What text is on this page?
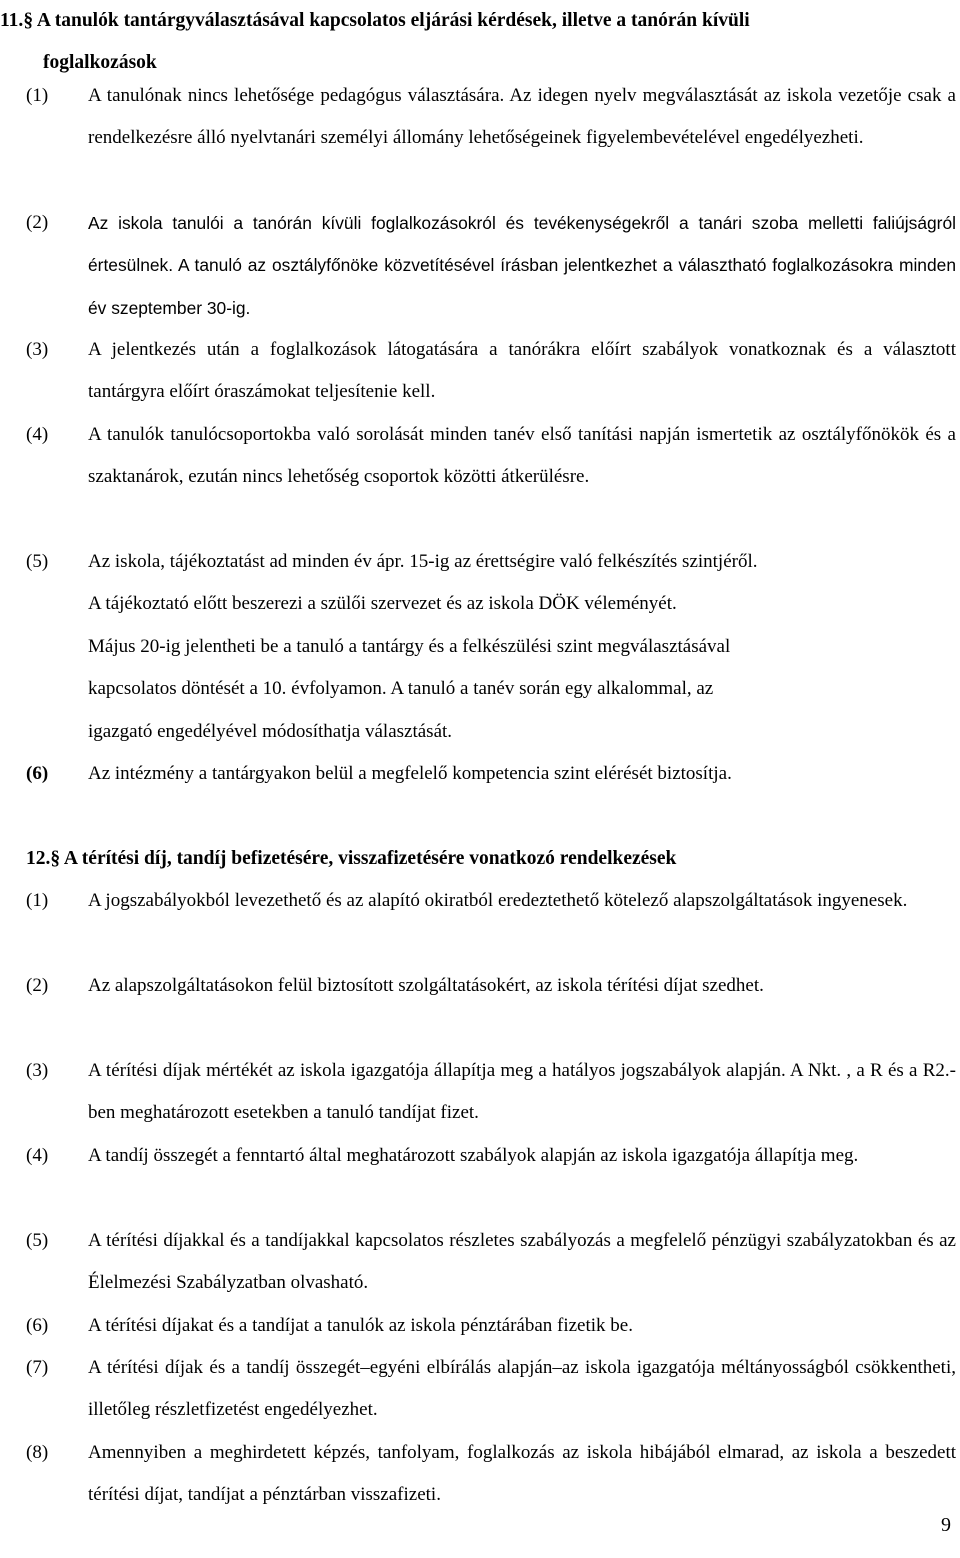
11.§ A tanulók tantárgyválasztásával kapcsolatos eljárási kérdések, illetve a tanórán kívüli
foglalkozások
(1) A tanulónak nincs lehetősége pedagógus választására. Az idegen nyelv megválasztását az iskola vezetője csak a rendelkezésre álló nyelvtanári személyi állomány lehetőségeinek figyelembevételével engedélyezheti.
(2) Az iskola tanulói a tanórán kívüli foglalkozásokról és tevékenységekről a tanári szoba melletti faliújságról értesülnek. A tanuló az osztályfőnöke közvetítésével írásban jelentkezhet a választható foglalkozásokra minden év szeptember 30-ig.
(3) A jelentkezés után a foglalkozások látogatására a tanórákra előírt szabályok vonatkoznak és a választott tantárgyra előírt óraszámokat teljesítenie kell.
(4) A tanulók tanulócsoportokba való sorolását minden tanév első tanítási napján ismertetik az osztályfőnökök és a szaktanárok, ezután nincs lehetőség csoportok közötti átkerülésre.
(5) Az iskola, tájékoztatást ad minden év ápr. 15-ig az érettségire való felkészítés szintjéről.
A tájékoztató előtt beszerezi a szülői szervezet és az iskola DÖK véleményét.
Május 20-ig jelentheti be a tanuló a tantárgy és a felkészülési szint megválasztásával
kapcsolatos döntését a 10. évfolyamon. A tanuló a tanév során egy alkalommal, az
igazgató engedélyével módosíthatja választását.
(6) Az intézmény a tantárgyakon belül a megfelelő kompetencia szint elérését biztosítja.
12.§ A térítési díj, tandíj befizetésére, visszafizetésére vonatkozó rendelkezések
(1) A jogszabályokból levezethető és az alapító okiratból eredeztethető kötelező alapszolgáltatások ingyenesek.
(2) Az alapszolgáltatásokon felül biztosított szolgáltatásokért, az iskola térítési díjat szedhet.
(3) A térítési díjak mértékét az iskola igazgatója állapítja meg a hatályos jogszabályok alapján. A Nkt. , a R és a R2.-ben meghatározott esetekben a tanuló tandíjat fizet.
(4) A tandíj összegét a fenntartó által meghatározott szabályok alapján az iskola igazgatója állapítja meg.
(5) A térítési díjakkal és a tandíjakkal kapcsolatos részletes szabályozás a megfelelő pénzügyi szabályzatokban és az Élelmezési Szabályzatban olvasható.
(6) A térítési díjakat és a tandíjat a tanulók az iskola pénztárában fizetik be.
(7) A térítési díjak és a tandíj összegét–egyéni elbírálás alapján–az iskola igazgatója méltányosságból csökkentheti, illetőleg részletfizetést engedélyezhet.
(8) Amennyiben a meghirdetett képzés, tanfolyam, foglalkozás az iskola hibájából elmarad, az iskola a beszedett térítési díjat, tandíjat a pénztárban visszafizeti.
9
